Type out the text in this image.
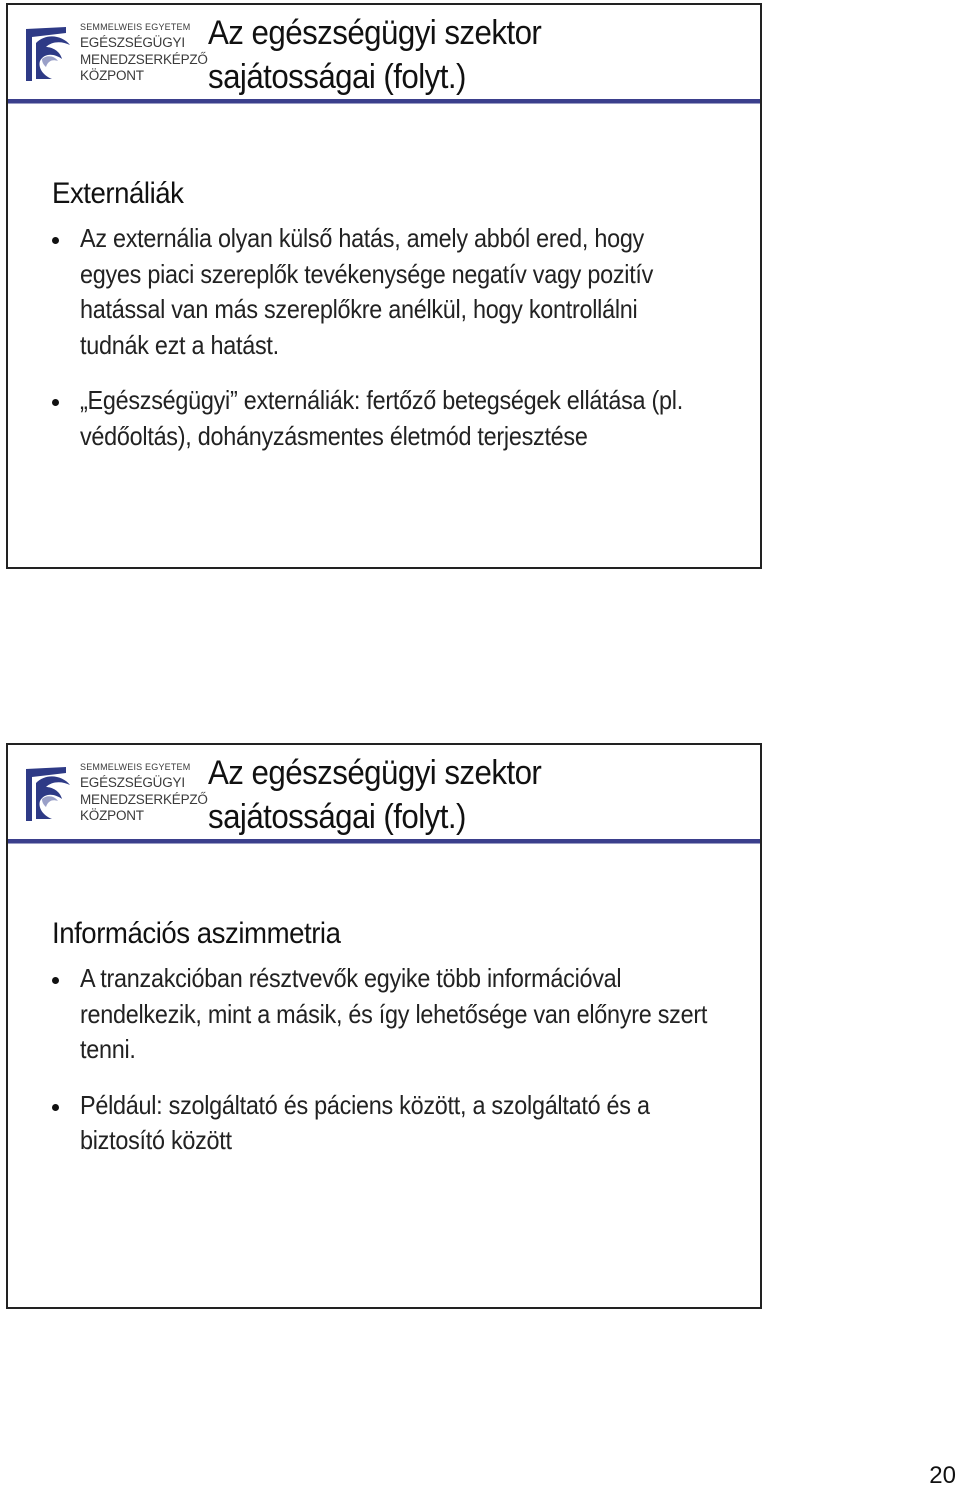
SEMMELWEIS EGYETEM
EGÉSZSÉGÜGYI
MENEDZSERKÉPZŐ
KÖZPONT
Az egészségügyi szektor sajátosságai (folyt.)
Externáliák
Az externália olyan külső hatás, amely abból ered, hogy egyes piaci szereplők tevékenysége negatív vagy pozitív hatással van más szereplőkre anélkül, hogy kontrollálni tudnák ezt a hatást.
„Egészségügyi” externáliák: fertőző betegségek ellátása (pl. védőoltás), dohányzásmentes életmód terjesztése
SEMMELWEIS EGYETEM
EGÉSZSÉGÜGYI
MENEDZSERKÉPZŐ
KÖZPONT
Az egészségügyi szektor sajátosságai (folyt.)
Információs aszimmetria
A tranzakcióban résztvevők egyike több információval rendelkezik, mint a másik, és így lehetősége van előnyre szert tenni.
Például: szolgáltató és páciens között, a szolgáltató és a biztosító között
20
